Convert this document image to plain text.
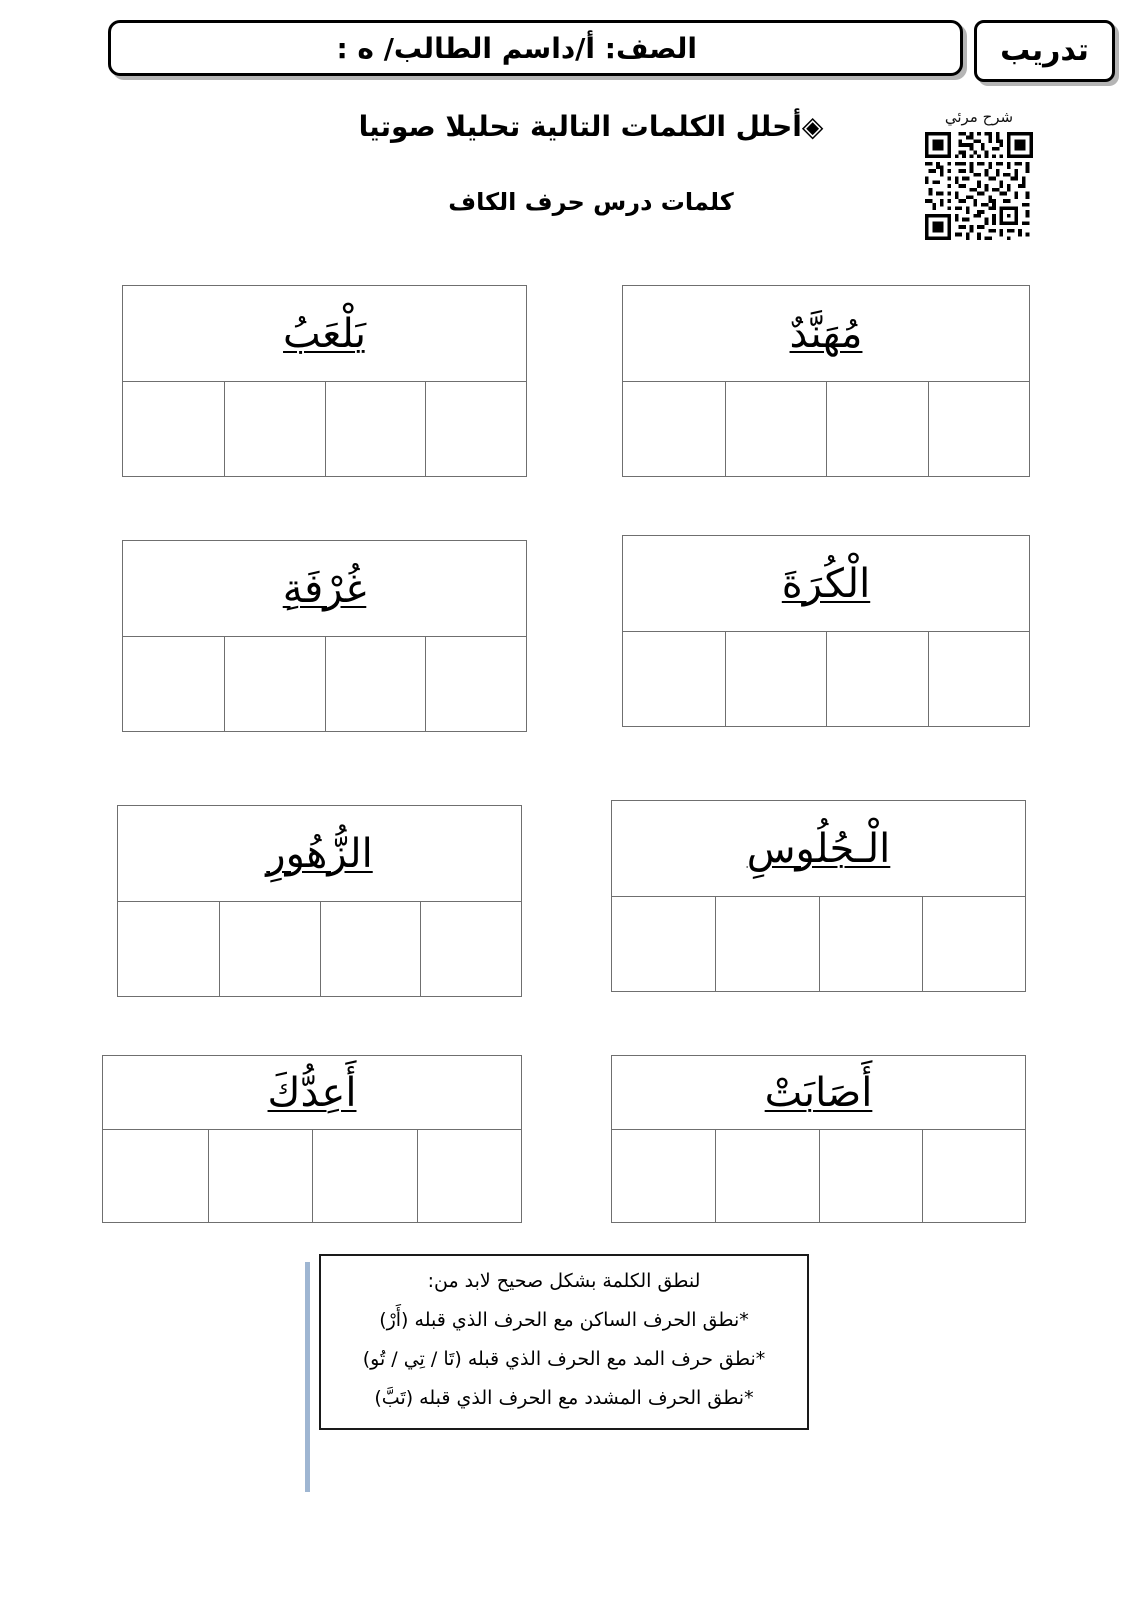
تدريب
الصف: أ/د
اسم الطالب/ ه :
شرح مرئي
◈أحلل الكلمات التالية تحليلا صوتيا
كلمات درس حرف الكاف
مُهَنَّدٌ
يَلْعَبُ
الْكُرَةَ
غُرْفَةِ
الْـجُلُوسِ
الزُّهُورِ
أَصَابَتْ
أَعِدُّكَ

لنطق الكلمة بشكل صحيح لابد من:

*نطق الحرف الساكن مع الحرف الذي قبله (أَرْ)

*نطق حرف المد مع الحرف الذي قبله (تَا / تِي / تُو)

*نطق الحرف المشدد مع الحرف الذي قبله (تَبَّ)
